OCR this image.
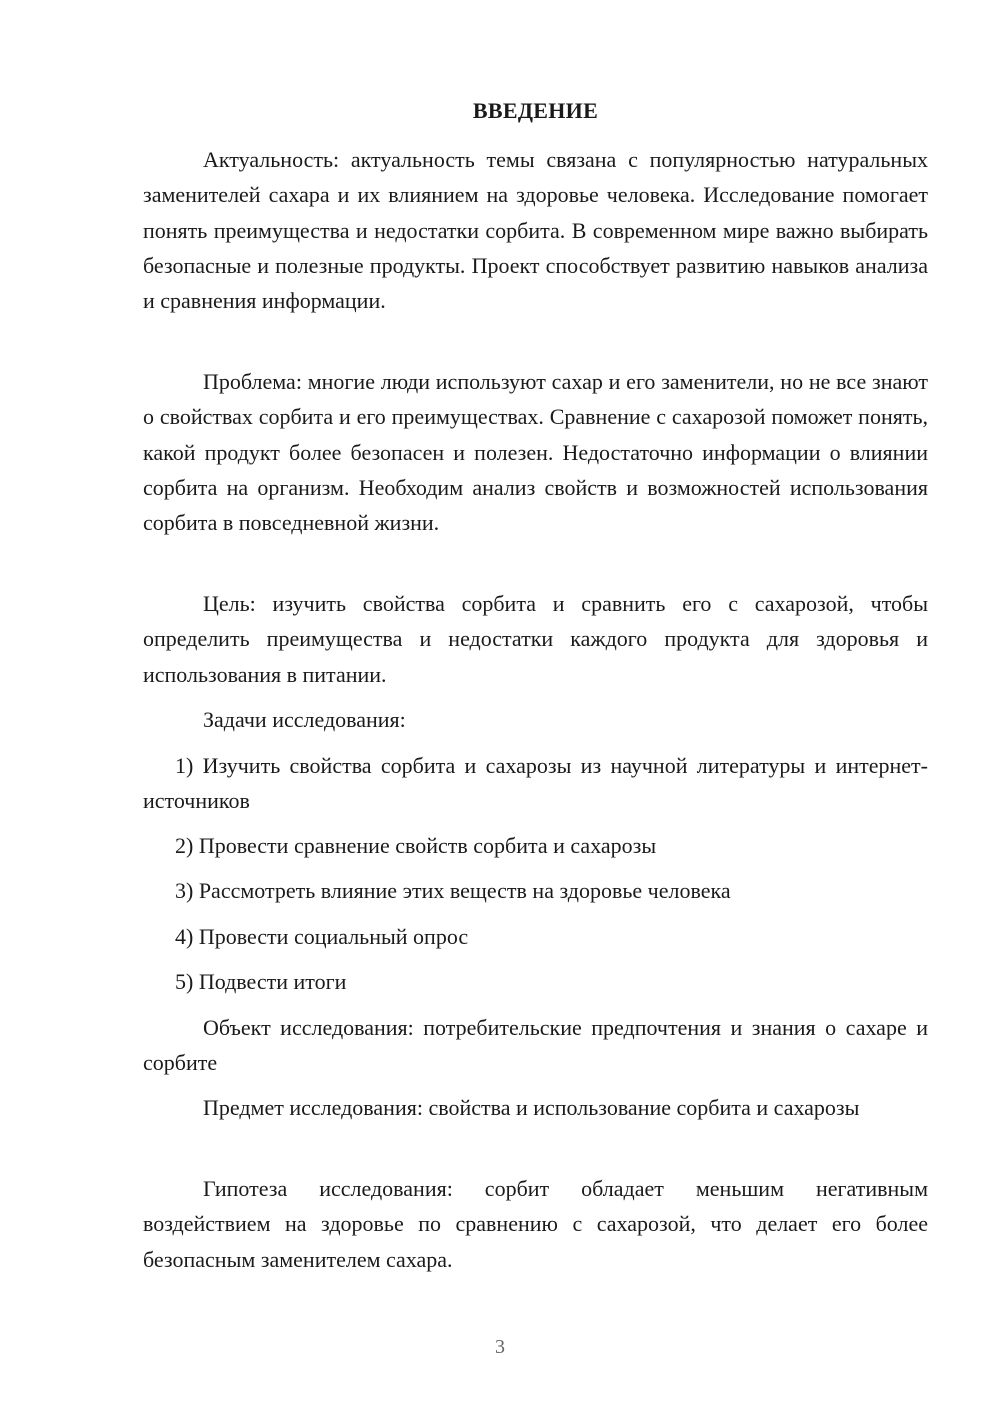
ВВЕДЕНИЕ

Актуальность: актуальность темы связана с популярностью натуральных заменителей сахара и их влиянием на здоровье человека. Исследование помогает понять преимущества и недостатки сорбита. В современном мире важно выбирать безопасные и полезные продукты. Проект способствует развитию навыков анализа и сравнения информации.

Проблема: многие люди используют сахар и его заменители, но не все знают о свойствах сорбита и его преимуществах. Сравнение с сахарозой поможет понять, какой продукт более безопасен и полезен. Недостаточно информации о влиянии сорбита на организм. Необходим анализ свойств и возможностей использования сорбита в повседневной жизни.

Цель: изучить свойства сорбита и сравнить его с сахарозой, чтобы определить преимущества и недостатки каждого продукта для здоровья и использования в питании.

Задачи исследования:

1) Изучить свойства сорбита и сахарозы из научной литературы и интернет-источников

2) Провести сравнение свойств сорбита и сахарозы

3) Рассмотреть влияние этих веществ на здоровье человека

4) Провести социальный опрос

5) Подвести итоги

Объект исследования: потребительские предпочтения и знания о сахаре и сорбите

Предмет исследования: свойства и использование сорбита и сахарозы

Гипотеза исследования: сорбит обладает меньшим негативным воздействием на здоровье по сравнению с сахарозой, что делает его более безопасным заменителем сахара.

3
